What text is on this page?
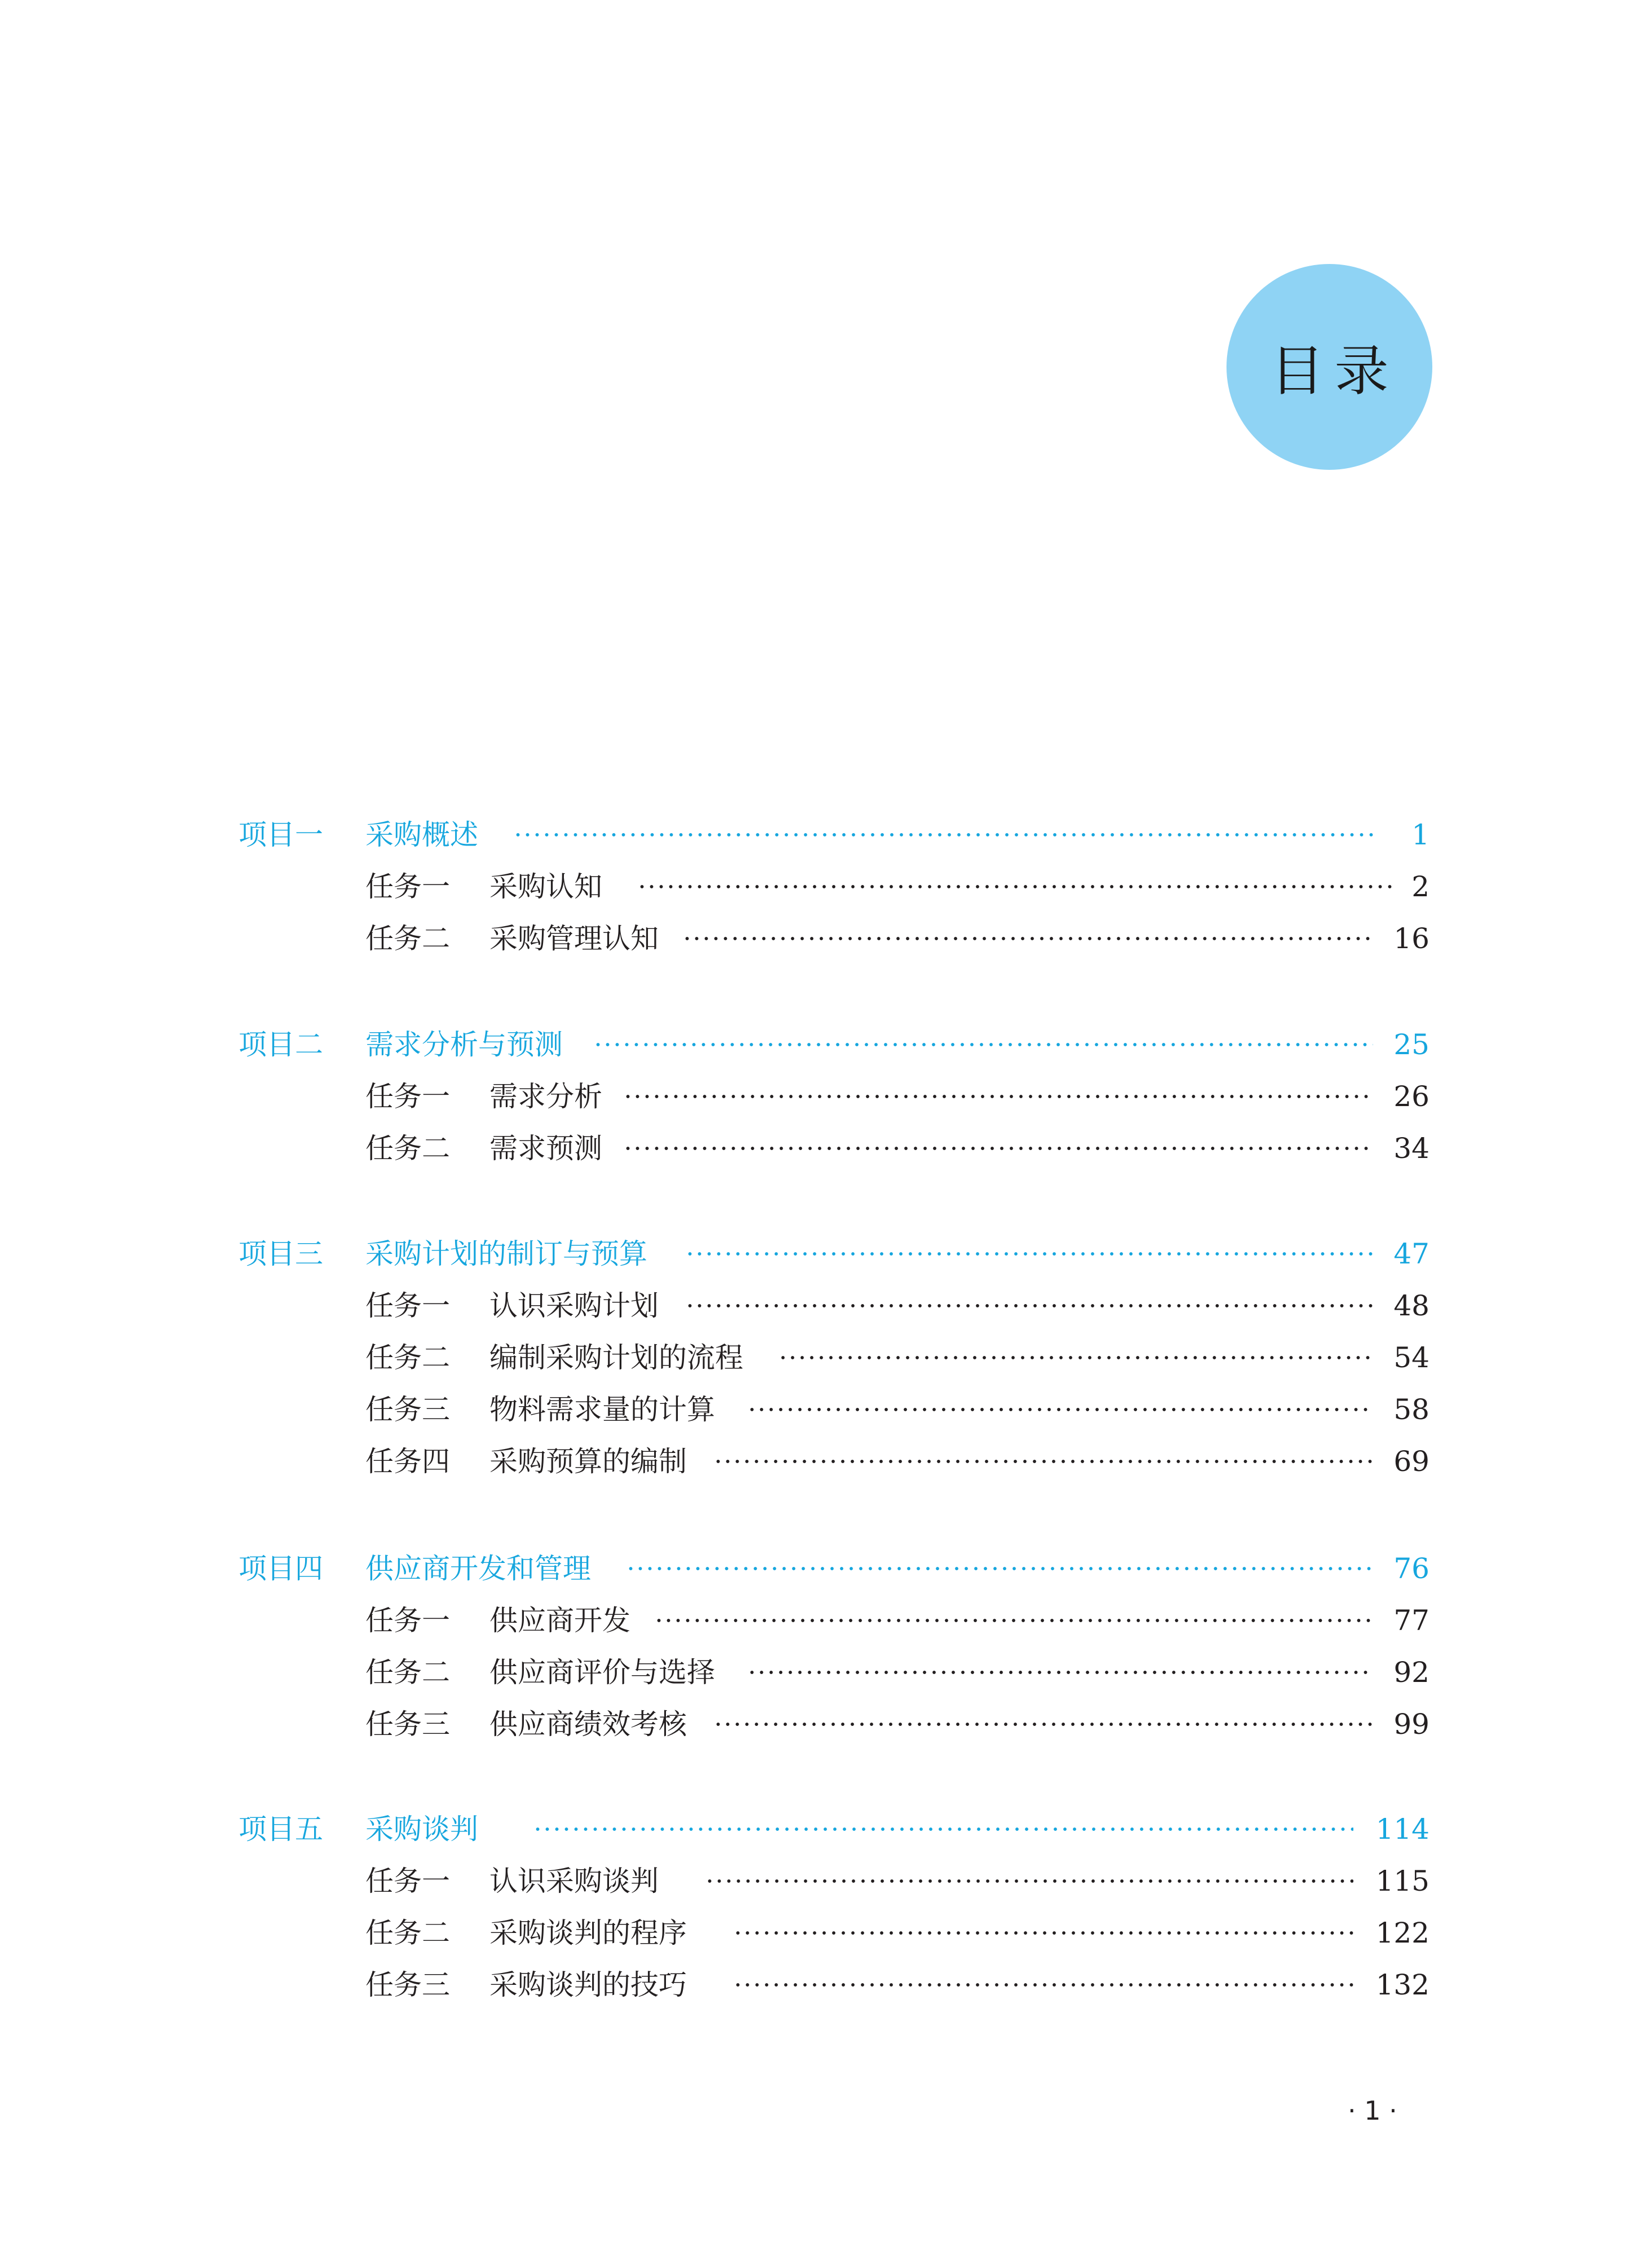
目录
项目一 采购概述	1
任务一 采购认知	2
任务二 采购管理认知	16
项目二 需求分析与预测	25
任务一 需求分析	26
任务二 需求预测	34
项目三 采购计划的制订与预算	47
任务一 认识采购计划	48
任务二 编制采购计划的流程	54
任务三 物料需求量的计算	58
任务四 采购预算的编制	69
项目四 供应商开发和管理	76
任务一 供应商开发	77
任务二 供应商评价与选择	92
任务三 供应商绩效考核	99
项目五 采购谈判	114
任务一 认识采购谈判	115
任务二 采购谈判的程序	122
任务三 采购谈判的技巧	132
· 1 ·
